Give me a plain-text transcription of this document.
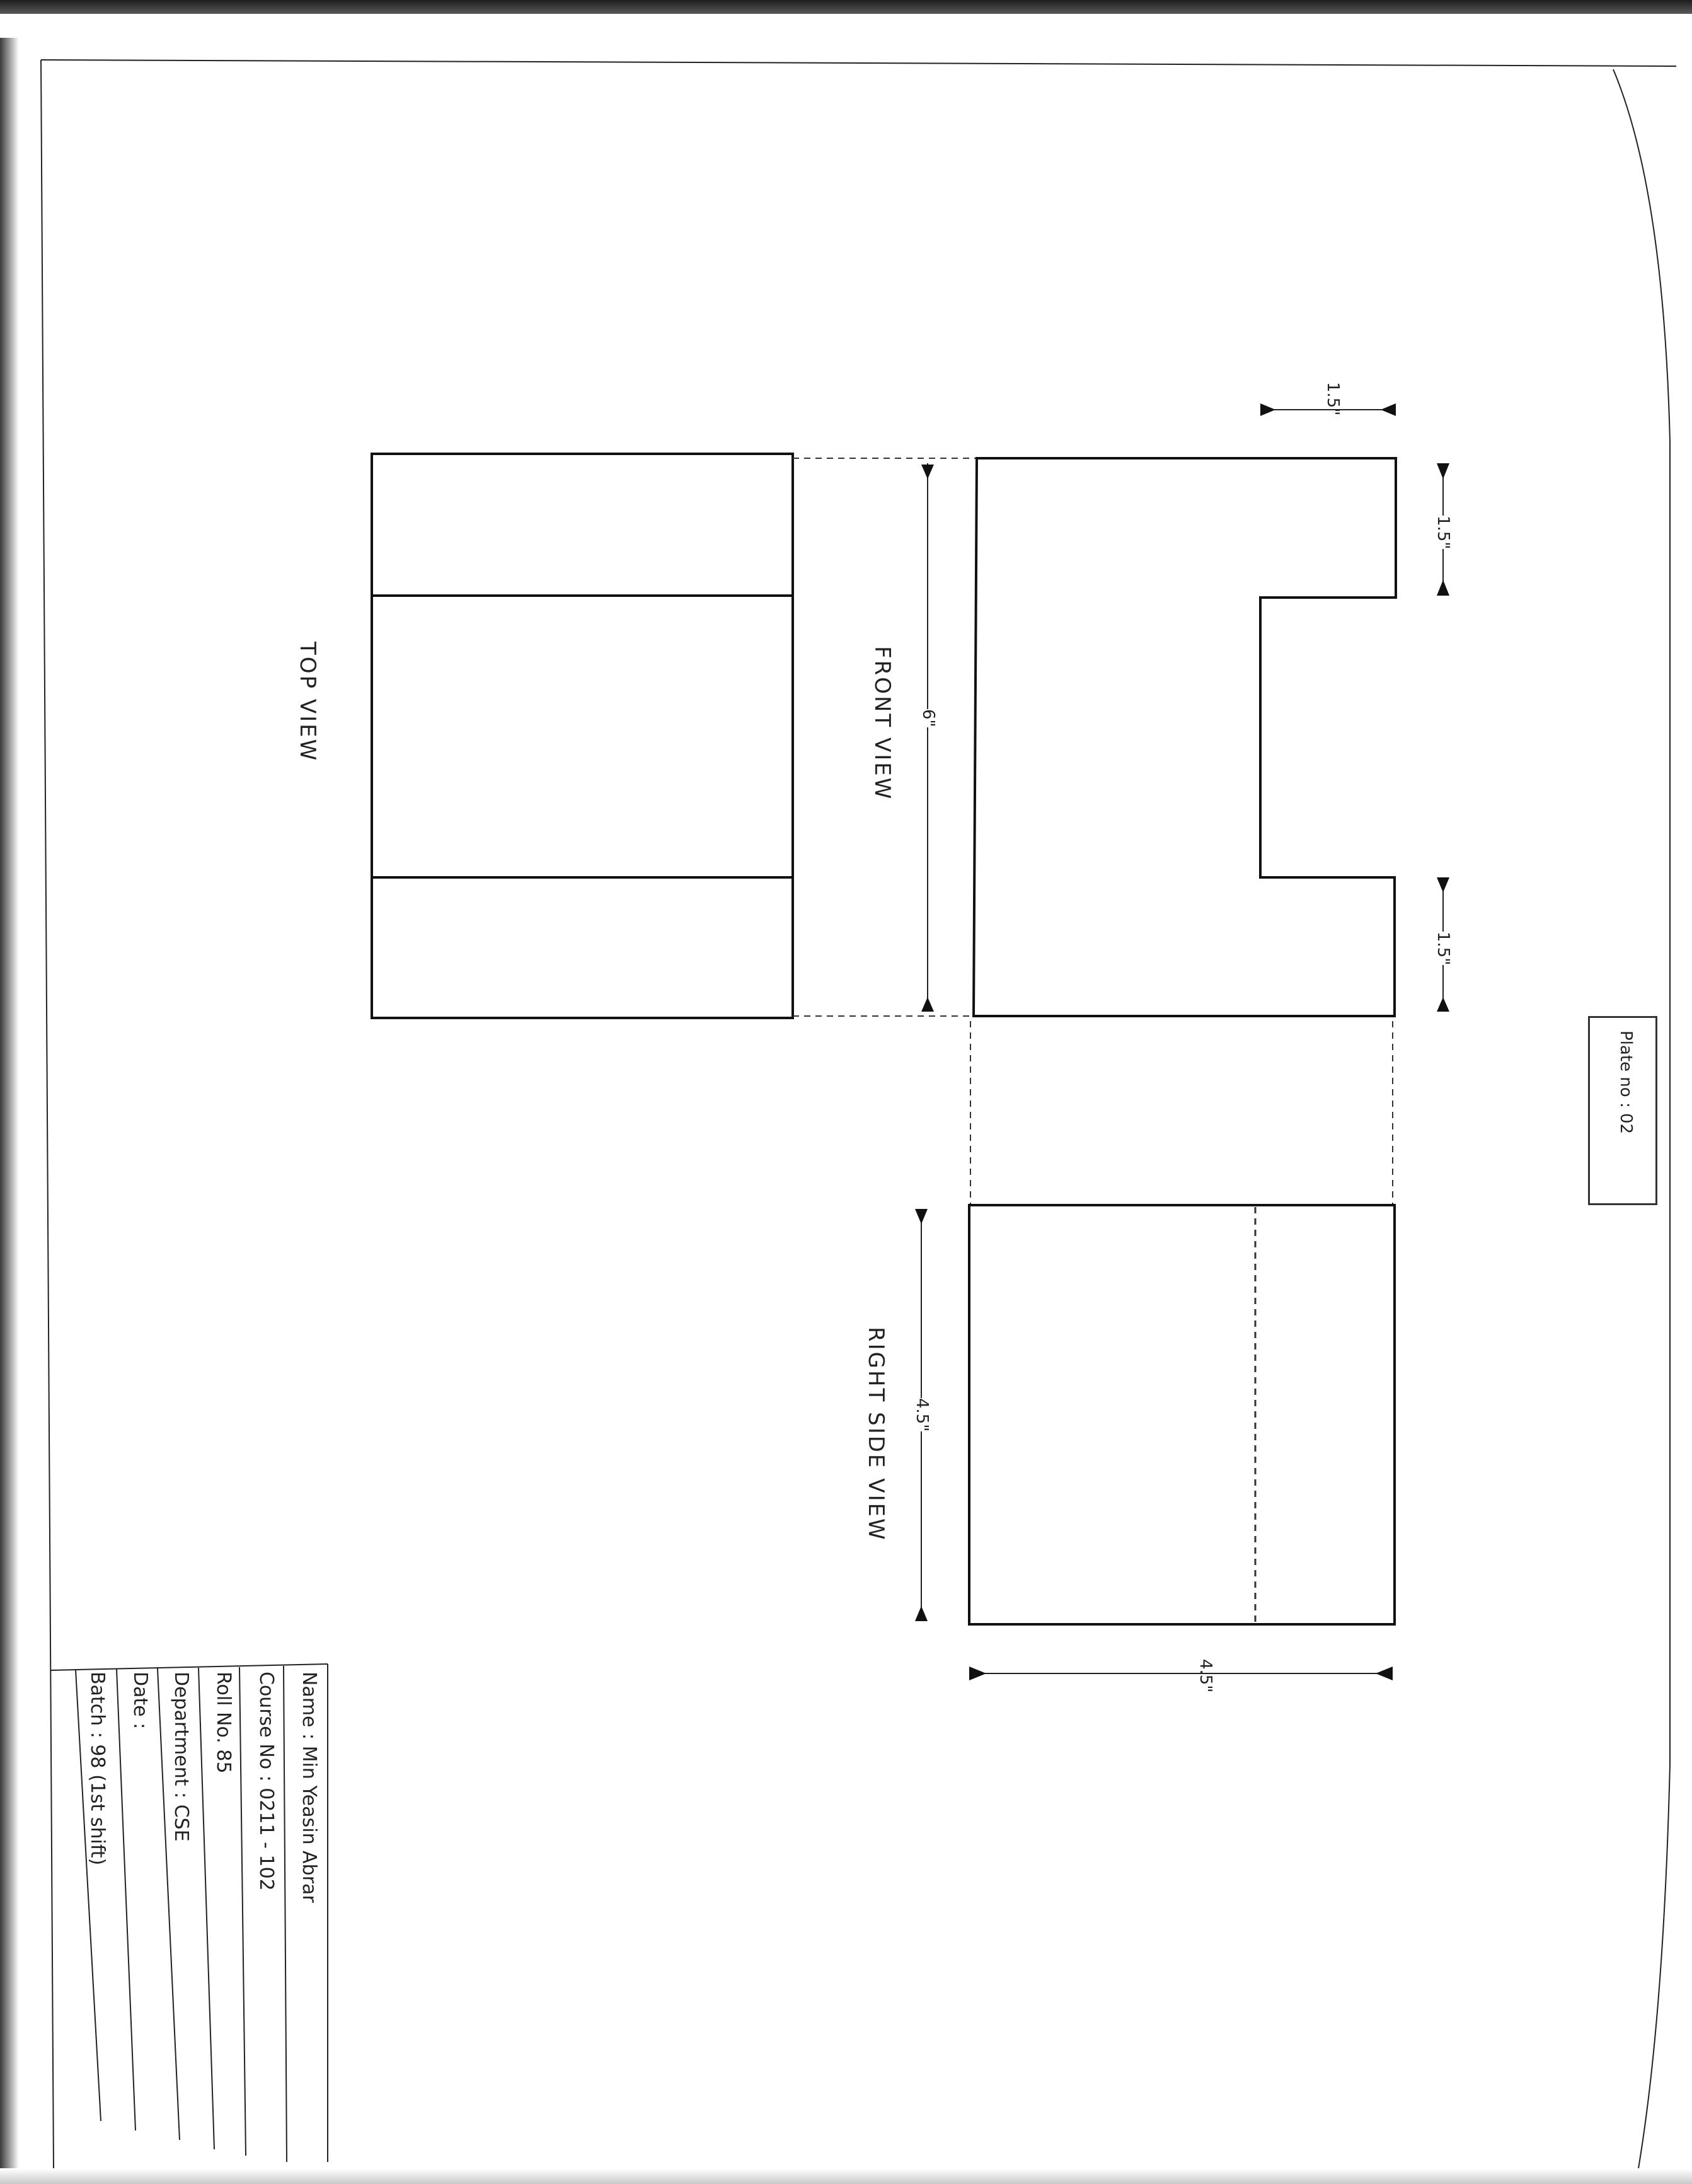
Plate no : 02
TOP VIEW	FRONT VIEW
RIGHT SIDE VIEW
6"
1.5"
1.5"
1.5"
4.5"
4.5"
Name : Min Yeasin Abrar
Course No : 0211 - 102
Roll No. 85
Department : CSE
Date :
Batch : 98 (1st shift)
